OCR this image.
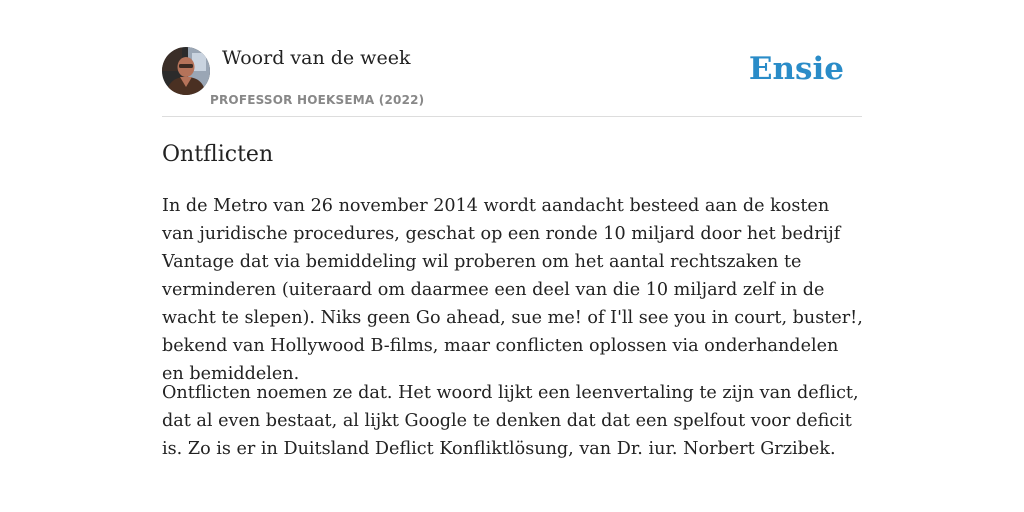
Woord van de week
PROFESSOR HOEKSEMA (2022)
Ensie
Ontflicten

In de Metro van 26 november 2014 wordt aandacht besteed aan de kosten van juridische procedures, geschat op een ronde 10 miljard door het bedrijf Vantage dat via bemiddeling wil proberen om het aantal rechtszaken te verminderen (uiteraard om daarmee een deel van die 10 miljard zelf in de wacht te slepen). Niks geen Go ahead, sue me! of I'll see you in court, buster!, bekend van Hollywood B-films, maar conflicten oplossen via onderhandelen en bemiddelen.

Ontflicten noemen ze dat. Het woord lijkt een leenvertaling te zijn van deflict, dat al even bestaat, al lijkt Google te denken dat dat een spelfout voor deficit is. Zo is er in Duitsland Deflict Konfliktlösung, van Dr. iur. Norbert Grzibek.
